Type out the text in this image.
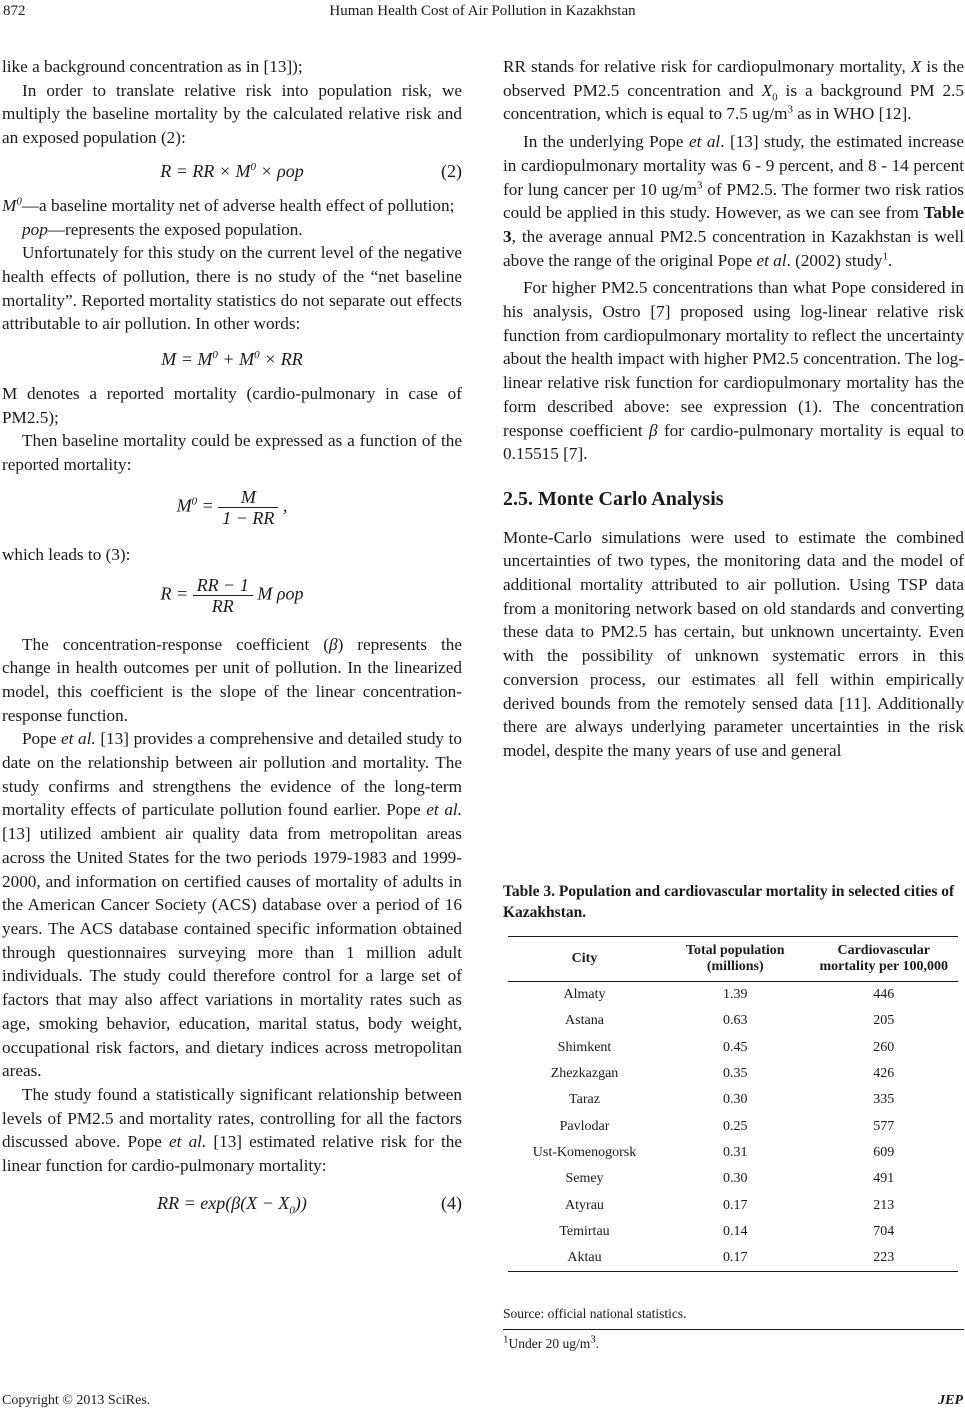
872	Human Health Cost of Air Pollution in Kazakhstan

like a background concentration as in [13]);

In order to translate relative risk into population risk, we multiply the baseline mortality by the calculated relative risk and an exposed population (2):

R = RR × $M^0 \times \rho op$	(2)

$M^0—a$ baseline mortality net of adverse health effect of pollution;

pop—represents the exposed population.

Unfortunately for this study on the current level of the negative health effects of pollution, there is no study of the “net baseline mortality”. Reported mortality statistics do not separate out effects attributable to air pollution. In other words:

$M = M^0 + M^0$ × RR

M denotes a reported mortality (cardio-pulmonary in case of PM2.5);

Then baseline mortality could be expressed as a function of the reported mortality:

$M^0 = \frac{M}{1 - RR}$ ,

which leads to (3):

$R = \frac{RR - 1}{RR}$ M ρop

The concentration-response coefficient (β) represents the change in health outcomes per unit of pollution. In the linearized model, this coefficient is the slope of the linear concentration-response function.

Pope et al. [13] provides a comprehensive and detailed study to date on the relationship between air pollution and mortality. The study confirms and strengthens the evidence of the long-term mortality effects of particulate pollution found earlier. Pope et al. [13] utilized ambient air quality data from metropolitan areas across the United States for the two periods 1979-1983 and 1999-2000, and information on certified causes of mortality of adults in the American Cancer Society (ACS) database over a period of 16 years. The ACS database contained specific information obtained through questionnaires surveying more than 1 million adult individuals. The study could therefore control for a large set of factors that may also affect variations in mortality rates such as age, smoking behavior, education, marital status, body weight, occupational risk factors, and dietary indices across metropolitan areas.

The study found a statistically significant relationship between levels of PM2.5 and mortality rates, controlling for all the factors discussed above. Pope et al. [13] estimated relative risk for the linear function for cardio-pulmonary mortality:

RR = $\exp(\beta(X - X_0))$	(4)

RR stands for relative risk for cardiopulmonary mortality, X is the observed PM2.5 concentration and $X_0$ is a background PM 2.5 concentration, which is equal to 7.5 $ug/m^3$ as in WHO [12].

In the underlying Pope et al. [13] study, the estimated increase in cardiopulmonary mortality was 6 - 9 percent, and 8 - 14 percent for lung cancer per 10 $ug/m^3$ of PM2.5. The former two risk ratios could be applied in this study. However, as we can see from Table 3, the average annual PM2.5 concentration in Kazakhstan is well above the range of the original Pope et al. (2002) study$^1$.

For higher PM2.5 concentrations than what Pope considered in his analysis, Ostro [7] proposed using log-linear relative risk function from cardiopulmonary mortality to reflect the uncertainty about the health impact with higher PM2.5 concentration. The log-linear relative risk function for cardiopulmonary mortality has the form described above: see expression (1). The concentration response coefficient β for cardio-pulmonary mortality is equal to 0.15515 [7].

2.5. Monte Carlo Analysis

Monte-Carlo simulations were used to estimate the combined uncertainties of two types, the monitoring data and the model of additional mortality attributed to air pollution. Using TSP data from a monitoring network based on old standards and converting these data to PM2.5 has certain, but unknown uncertainty. Even with the possibility of unknown systematic errors in this conversion process, our estimates all fell within empirically derived bounds from the remotely sensed data [11]. Additionally there are always underlying parameter uncertainties in the risk model, despite the many years of use and general

Table 3. Population and cardiovascular mortality in selected cities of Kazakhstan.
City	Total population (millions)	Cardiovascular mortality per 100,000
Almaty	1.39	446
Astana	0.63	205
Shimkent	0.45	260
Zhezkazgan	0.35	426
Taraz	0.30	335
Pavlodar	0.25	577
Ust-Komenogorsk	0.31	609
Semey	0.30	491
Atyrau	0.17	213
Temirtau	0.14	704
Aktau	0.17	223
Source: official national statistics.
$^1$Under 20 $ug/m^3$.
Copyright © 2013 SciRes.	JEP
